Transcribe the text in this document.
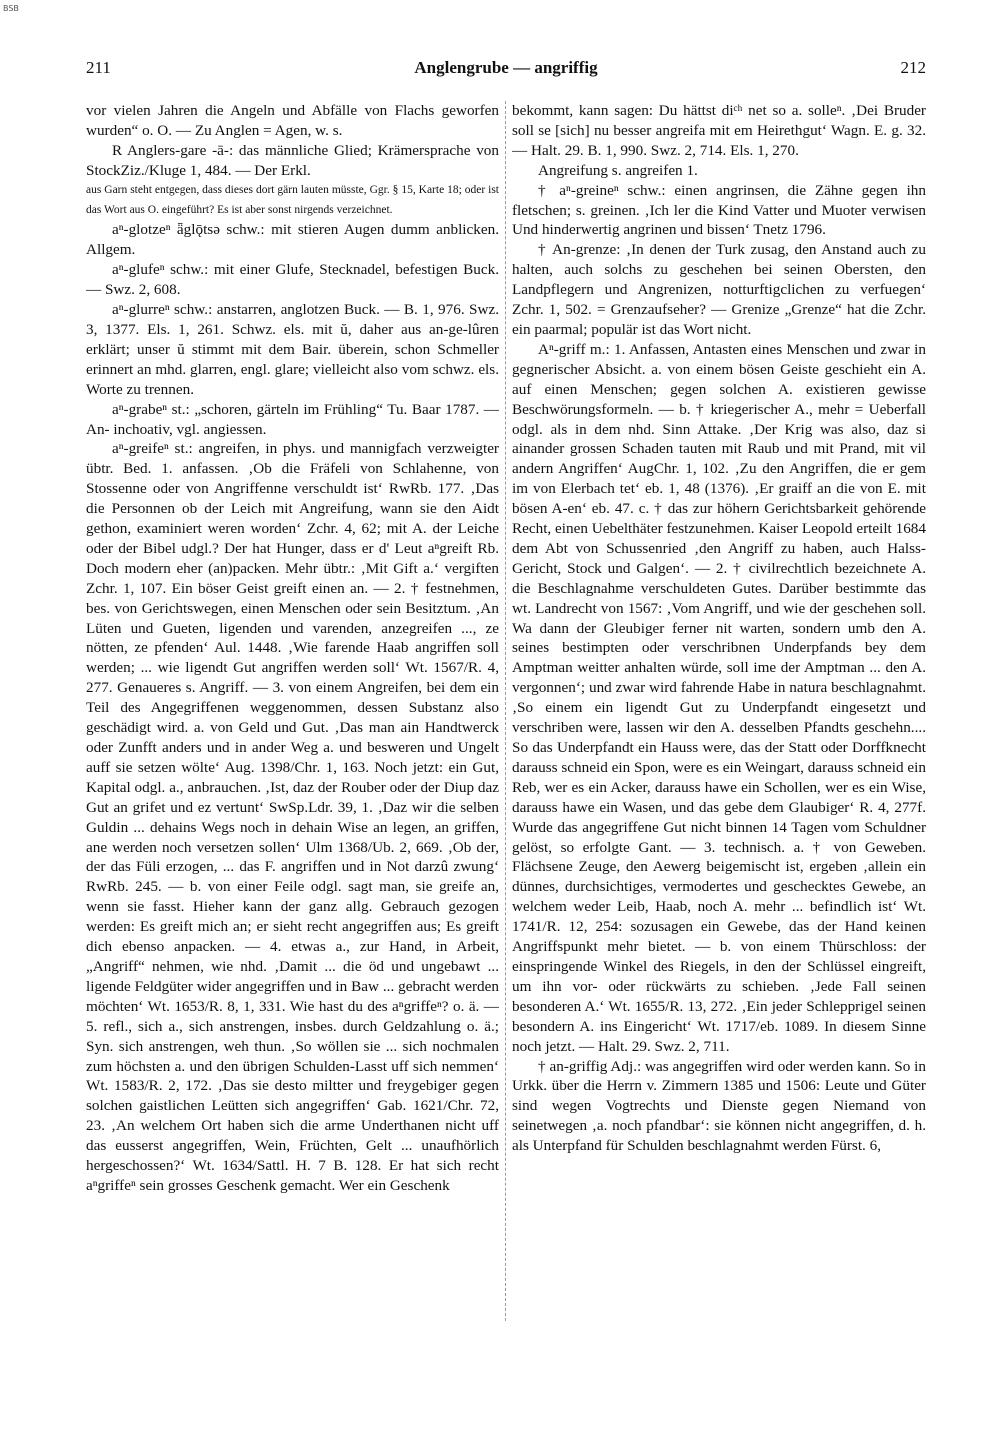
BSB
211	Anglengrube — angriffig	212

vor vielen Jahren die Angeln und Abfälle von Flachs geworfen wurden“ o. O. — Zu Anglen = Agen, w. s.

R Anglers-gare -ā-: das männliche Glied; Krämersprache von StockZiz./Kluge 1, 484. — Der Erkl.

aus Garn steht entgegen, dass dieses dort gärn lauten müsste, Ggr. § 15, Karte 18; oder ist das Wort aus O. eingeführt? Es ist aber sonst nirgends verzeichnet.

aⁿ-glotzeⁿ ǟglǭtsə schw.: mit stieren Augen dumm anblicken. Allgem.

aⁿ-glufeⁿ schw.: mit einer Glufe, Stecknadel, befestigen Buck. — Swz. 2, 608.

aⁿ-glurreⁿ schw.: anstarren, anglotzen Buck. — B. 1, 976. Swz. 3, 1377. Els. 1, 261. Schwz. els. mit ŭ, daher aus an-ge-lûren erklärt; unser ŭ stimmt mit dem Bair. überein, schon Schmeller erinnert an mhd. glarren, engl. glare; vielleicht also vom schwz. els. Worte zu trennen.

aⁿ-grabeⁿ st.: „schoren, gärteln im Frühling“ Tu. Baar 1787. — An- inchoativ, vgl. angiessen.

aⁿ-greifeⁿ st.: angreifen, in phys. und mannigfach verzweigter übtr. Bed. 1. anfassen. ‚Ob die Fräfeli von Schlahenne, von Stossenne oder von Angriffenne verschuldt ist‘ RwRb. 177. ‚Das die Personnen ob der Leich mit Angreifung, wann sie den Aidt gethon, examiniert weren worden‘ Zchr. 4, 62; mit A. der Leiche oder der Bibel udgl.? Der hat Hunger, dass er d' Leut aⁿgreift Rb. Doch modern eher (an)packen. Mehr übtr.: ‚Mit Gift a.‘ vergiften Zchr. 1, 107. Ein böser Geist greift einen an. — 2. † festnehmen, bes. von Gerichtswegen, einen Menschen oder sein Besitztum. ‚An Lüten und Gueten, ligenden und varenden, anzegreifen ..., ze nötten, ze pfenden‘ Aul. 1448. ‚Wie farende Haab angriffen soll werden; ... wie ligendt Gut angriffen werden soll‘ Wt. 1567/R. 4, 277. Genaueres s. Angriff. — 3. von einem Angreifen, bei dem ein Teil des Angegriffenen weggenommen, dessen Substanz also geschädigt wird. a. von Geld und Gut. ‚Das man ain Handtwerck oder Zunfft anders und in ander Weg a. und besweren und Ungelt auff sie setzen wölte‘ Aug. 1398/Chr. 1, 163. Noch jetzt: ein Gut, Kapital odgl. a., anbrauchen. ‚Ist, daz der Rouber oder der Diup daz Gut an grifet und ez vertunt‘ SwSp.Ldr. 39, 1. ‚Daz wir die selben Guldin ... dehains Wegs noch in dehain Wise an legen, an griffen, ane werden noch versetzen sollen‘ Ulm 1368/Ub. 2, 669. ‚Ob der, der das Füli erzogen, ... das F. angriffen und in Not darzû zwung‘ RwRb. 245. — b. von einer Feile odgl. sagt man, sie greife an, wenn sie fasst. Hieher kann der ganz allg. Gebrauch gezogen werden: Es greift mich an; er sieht recht angegriffen aus; Es greift dich ebenso anpacken. — 4. etwas a., zur Hand, in Arbeit, „Angriff“ nehmen, wie nhd. ‚Damit ... die öd und ungebawt ... ligende Feldgüter wider angegriffen und in Baw ... gebracht werden möchten‘ Wt. 1653/R. 8, 1, 331. Wie hast du des aⁿgriffeⁿ? o. ä. — 5. refl., sich a., sich anstrengen, insbes. durch Geldzahlung o. ä.; Syn. sich anstrengen, weh thun. ‚So wöllen sie ... sich nochmalen zum höchsten a. und den übrigen Schulden-Lasst uff sich nemmen‘ Wt. 1583/R. 2, 172. ‚Das sie desto miltter und freygebiger gegen solchen gaistlichen Leütten sich angegriffen‘ Gab. 1621/Chr. 72, 23. ‚An welchem Ort haben sich die arme Underthanen nicht uff das eusserst angegriffen, Wein, Früchten, Gelt ... unaufhörlich hergeschossen?‘ Wt. 1634/Sattl. H. 7 B. 128. Er hat sich recht aⁿgriffeⁿ sein grosses Geschenk gemacht. Wer ein Geschenk

bekommt, kann sagen: Du hättst diᶜʰ net so a. solleⁿ. ‚Dei Bruder soll se [sich] nu besser angreifa mit em Heirethgut‘ Wagn. E. g. 32. — Halt. 29. B. 1, 990. Swz. 2, 714. Els. 1, 270.

Angreifung s. angreifen 1.

† aⁿ-greineⁿ schw.: einen angrinsen, die Zähne gegen ihn fletschen; s. greinen. ‚Ich ler die Kind Vatter und Muoter verwisen Und hinderwertig angrinen und bissen‘ Tnetz 1796.

† An-grenze: ‚In denen der Turk zusag, den Anstand auch zu halten, auch solchs zu geschehen bei seinen Obersten, den Landpflegern und Angrenizen, notturftigclichen zu verfuegen‘ Zchr. 1, 502. = Grenzaufseher? — Grenize „Grenze“ hat die Zchr. ein paarmal; populär ist das Wort nicht.

Aⁿ-griff m.: 1. Anfassen, Antasten eines Menschen und zwar in gegnerischer Absicht. a. von einem bösen Geiste geschieht ein A. auf einen Menschen; gegen solchen A. existieren gewisse Beschwörungsformeln. — b. † kriegerischer A., mehr = Ueberfall odgl. als in dem nhd. Sinn Attake. ‚Der Krig was also, daz si ainander grossen Schaden tauten mit Raub und mit Prand, mit vil andern Angriffen‘ AugChr. 1, 102. ‚Zu den Angriffen, die er gem im von Elerbach tet‘ eb. 1, 48 (1376). ‚Er graiff an die von E. mit bösen A-en‘ eb. 47. c. † das zur höhern Gerichtsbarkeit gehörende Recht, einen Uebelthäter festzunehmen. Kaiser Leopold erteilt 1684 dem Abt von Schussenried ‚den Angriff zu haben, auch Halss-Gericht, Stock und Galgen‘. — 2. † civilrechtlich bezeichnete A. die Beschlagnahme verschuldeten Gutes. Darüber bestimmte das wt. Landrecht von 1567: ‚Vom Angriff, und wie der geschehen soll. Wa dann der Gleubiger ferner nit warten, sondern umb den A. seines bestimpten oder verschribnen Underpfands bey dem Amptman weitter anhalten würde, soll ime der Amptman ... den A. vergonnen‘; und zwar wird fahrende Habe in natura beschlagnahmt. ‚So einem ein ligendt Gut zu Underpfandt eingesetzt und verschriben were, lassen wir den A. desselben Pfandts geschehn.... So das Underpfandt ein Hauss were, das der Statt oder Dorffknecht darauss schneid ein Spon, were es ein Weingart, darauss schneid ein Reb, wer es ein Acker, darauss hawe ein Schollen, wer es ein Wise, darauss hawe ein Wasen, und das gebe dem Glaubiger‘ R. 4, 277f. Wurde das angegriffene Gut nicht binnen 14 Tagen vom Schuldner gelöst, so erfolgte Gant. — 3. technisch. a. † von Geweben. Flächsene Zeuge, den Aewerg beigemischt ist, ergeben ‚allein ein dünnes, durchsichtiges, vermodertes und geschecktes Gewebe, an welchem weder Leib, Haab, noch A. mehr ... befindlich ist‘ Wt. 1741/R. 12, 254: sozusagen ein Gewebe, das der Hand keinen Angriffspunkt mehr bietet. — b. von einem Thürschloss: der einspringende Winkel des Riegels, in den der Schlüssel eingreift, um ihn vor- oder rückwärts zu schieben. ‚Jede Fall seinen besonderen A.‘ Wt. 1655/R. 13, 272. ‚Ein jeder Schlepprigel seinen besondern A. ins Eingericht‘ Wt. 1717/eb. 1089. In diesem Sinne noch jetzt. — Halt. 29. Swz. 2, 711.

† an-griffig Adj.: was angegriffen wird oder werden kann. So in Urkk. über die Herrn v. Zimmern 1385 und 1506: Leute und Güter sind wegen Vogtrechts und Dienste gegen Niemand von seinetwegen ‚a. noch pfandbar‘: sie können nicht angegriffen, d. h. als Unterpfand für Schulden beschlagnahmt werden Fürst. 6,
